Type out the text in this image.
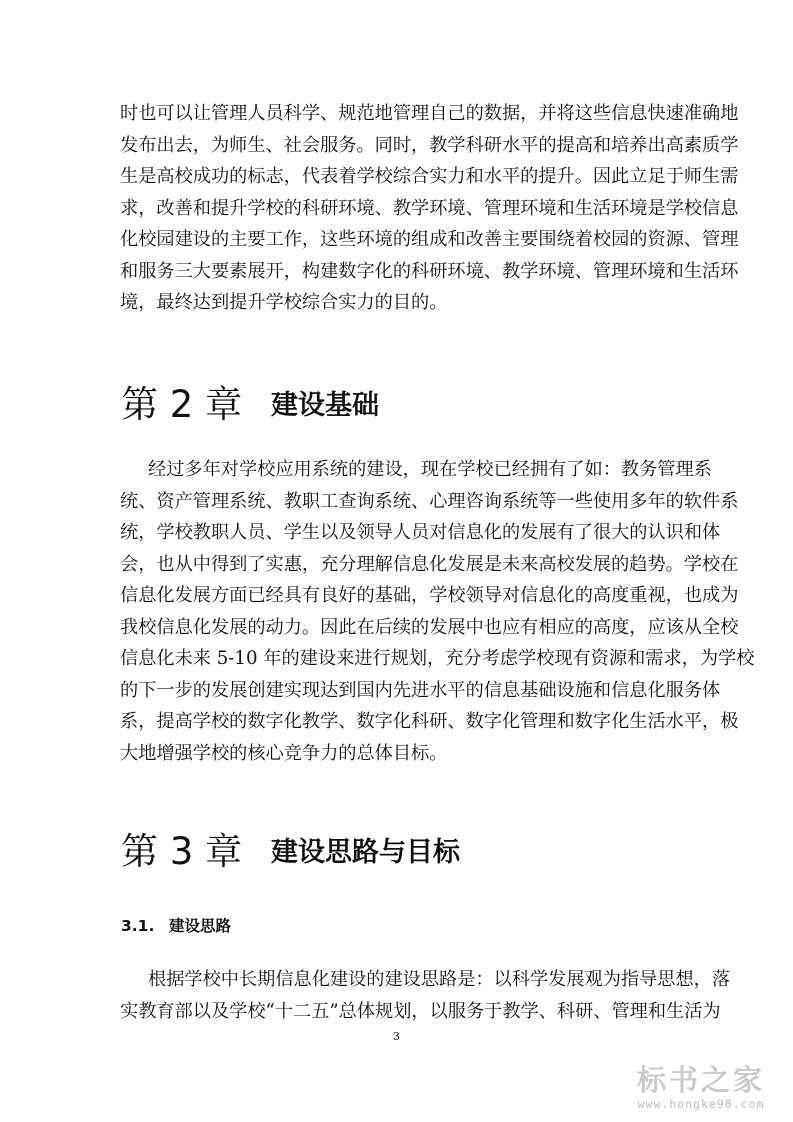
时也可以让管理人员科学、规范地管理自己的数据，并将这些信息快速准确地
发布出去，为师生、社会服务。同时，教学科研水平的提高和培养出高素质学
生是高校成功的标志，代表着学校综合实力和水平的提升。因此立足于师生需
求，改善和提升学校的科研环境、教学环境、管理环境和生活环境是学校信息
化校园建设的主要工作，这些环境的组成和改善主要围绕着校园的资源、管理
和服务三大要素展开，构建数字化的科研环境、教学环境、管理环境和生活环
境，最终达到提升学校综合实力的目的。
第 2 章 建设基础
经过多年对学校应用系统的建设，现在学校已经拥有了如：教务管理系
统、资产管理系统、教职工查询系统、心理咨询系统等一些使用多年的软件系
统，学校教职人员、学生以及领导人员对信息化的发展有了很大的认识和体
会，也从中得到了实惠，充分理解信息化发展是未来高校发展的趋势。学校在
信息化发展方面已经具有良好的基础，学校领导对信息化的高度重视，也成为
我校信息化发展的动力。因此在后续的发展中也应有相应的高度，应该从全校
信息化未来 5-10 年的建设来进行规划，充分考虑学校现有资源和需求，为学校
的下一步的发展创建实现达到国内先进水平的信息基础设施和信息化服务体
系，提高学校的数字化教学、数字化科研、数字化管理和数字化生活水平，极
大地增强学校的核心竞争力的总体目标。
第 3 章 建设思路与目标
3.1. 建设思路
根据学校中长期信息化建设的建设思路是：以科学发展观为指导思想，落
实教育部以及学校“十二五”总体规划，以服务于教学、科研、管理和生活为
3
标书之家
www.hongke98.com
